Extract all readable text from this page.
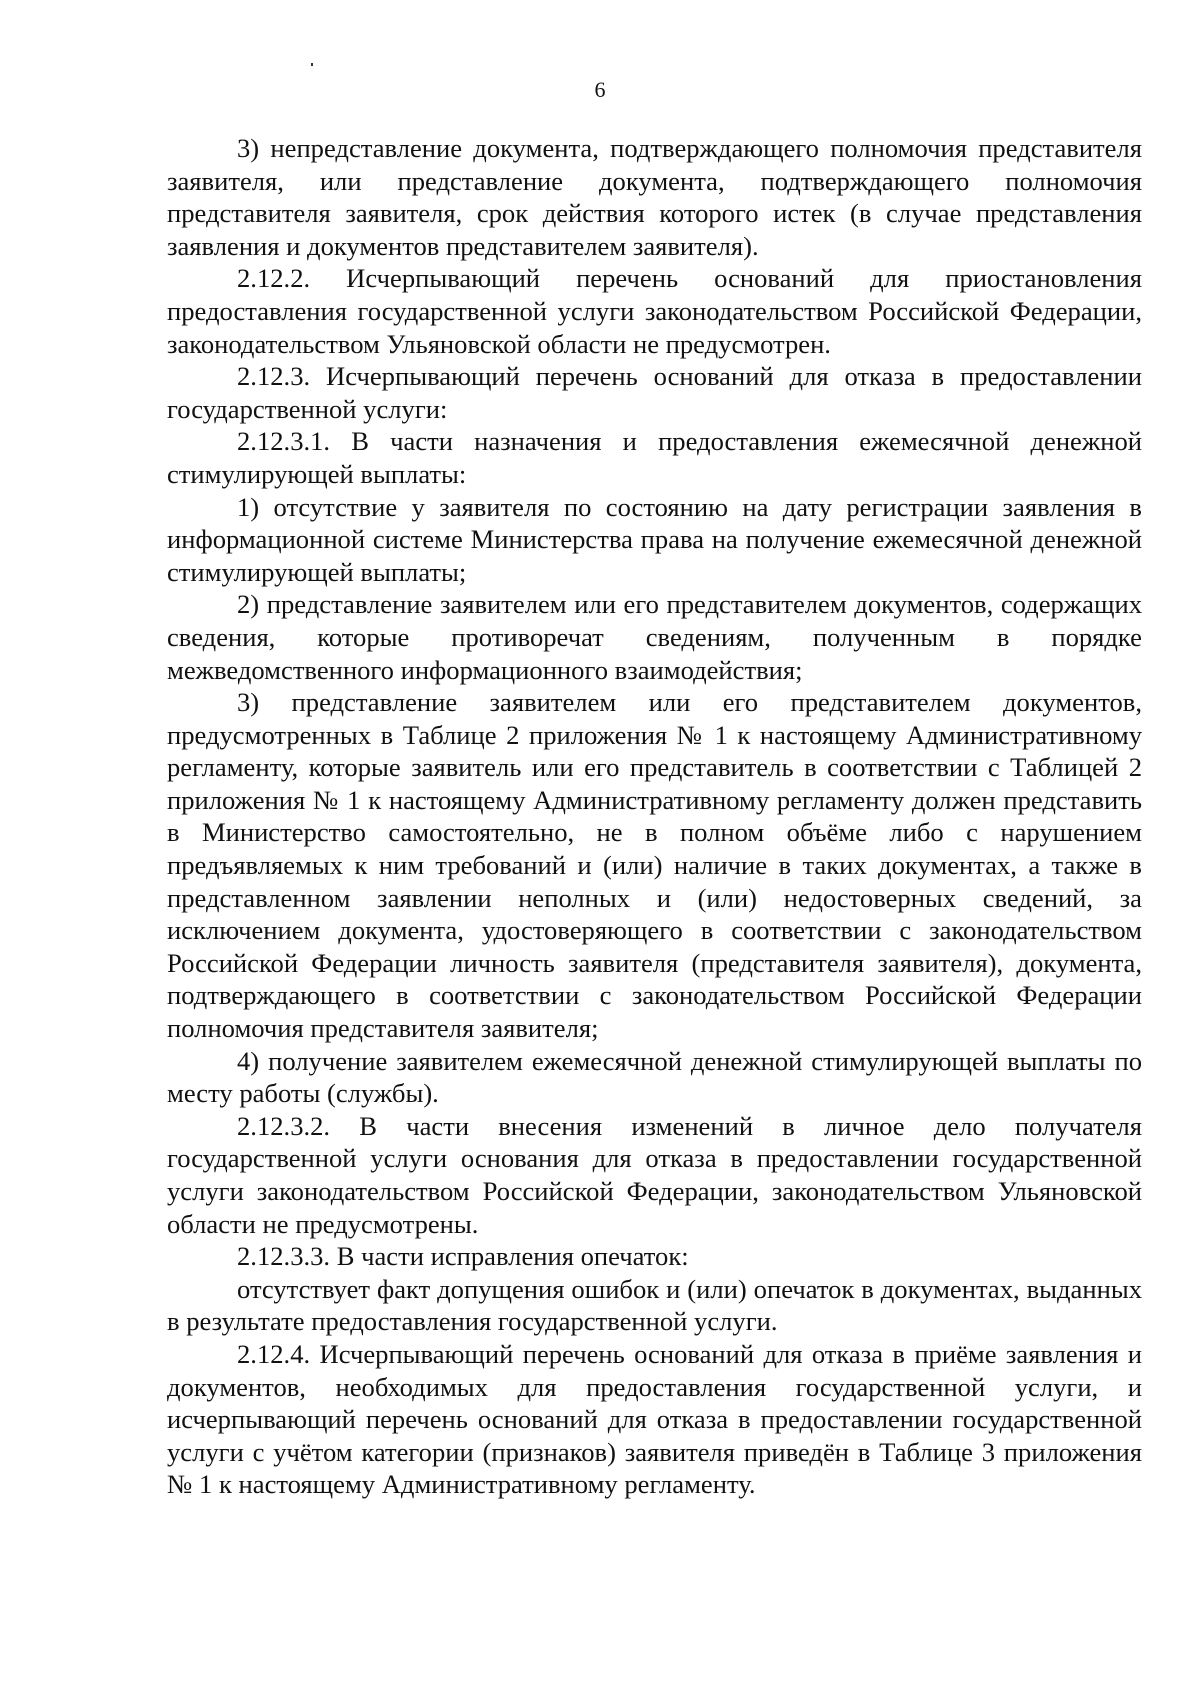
6

3) непредставление документа, подтверждающего полномочия представителя заявителя, или представление документа, подтверждающего полномочия представителя заявителя, срок действия которого истек (в случае представления заявления и документов представителем заявителя).

2.12.2. Исчерпывающий перечень оснований для приостановления предоставления государственной услуги законодательством Российской Федерации, законодательством Ульяновской области не предусмотрен.

2.12.3. Исчерпывающий перечень оснований для отказа в предоставлении государственной услуги:

2.12.3.1. В части назначения и предоставления ежемесячной денежной стимулирующей выплаты:

1) отсутствие у заявителя по состоянию на дату регистрации заявления в информационной системе Министерства права на получение ежемесячной денежной стимулирующей выплаты;

2) представление заявителем или его представителем документов, содержащих сведения, которые противоречат сведениям, полученным в порядке межведомственного информационного взаимодействия;

3) представление заявителем или его представителем документов, предусмотренных в Таблице 2 приложения № 1 к настоящему Административному регламенту, которые заявитель или его представитель в соответствии с Таблицей 2 приложения № 1 к настоящему Административному регламенту должен представить в Министерство самостоятельно, не в полном объёме либо с нарушением предъявляемых к ним требований и (или) наличие в таких документах, а также в представленном заявлении неполных и (или) недостоверных сведений, за исключением документа, удостоверяющего в соответствии с законодательством Российской Федерации личность заявителя (представителя заявителя), документа, подтверждающего в соответствии с законодательством Российской Федерации полномочия представителя заявителя;

4) получение заявителем ежемесячной денежной стимулирующей выплаты по месту работы (службы).

2.12.3.2. В части внесения изменений в личное дело получателя государственной услуги основания для отказа в предоставлении государственной услуги законодательством Российской Федерации, законодательством Ульяновской области не предусмотрены.

2.12.3.3. В части исправления опечаток:

отсутствует факт допущения ошибок и (или) опечаток в документах, выданных в результате предоставления государственной услуги.

2.12.4. Исчерпывающий перечень оснований для отказа в приёме заявления и документов, необходимых для предоставления государственной услуги, и исчерпывающий перечень оснований для отказа в предоставлении государственной услуги с учётом категории (признаков) заявителя приведён в Таблице 3 приложения № 1 к настоящему Административному регламенту.
